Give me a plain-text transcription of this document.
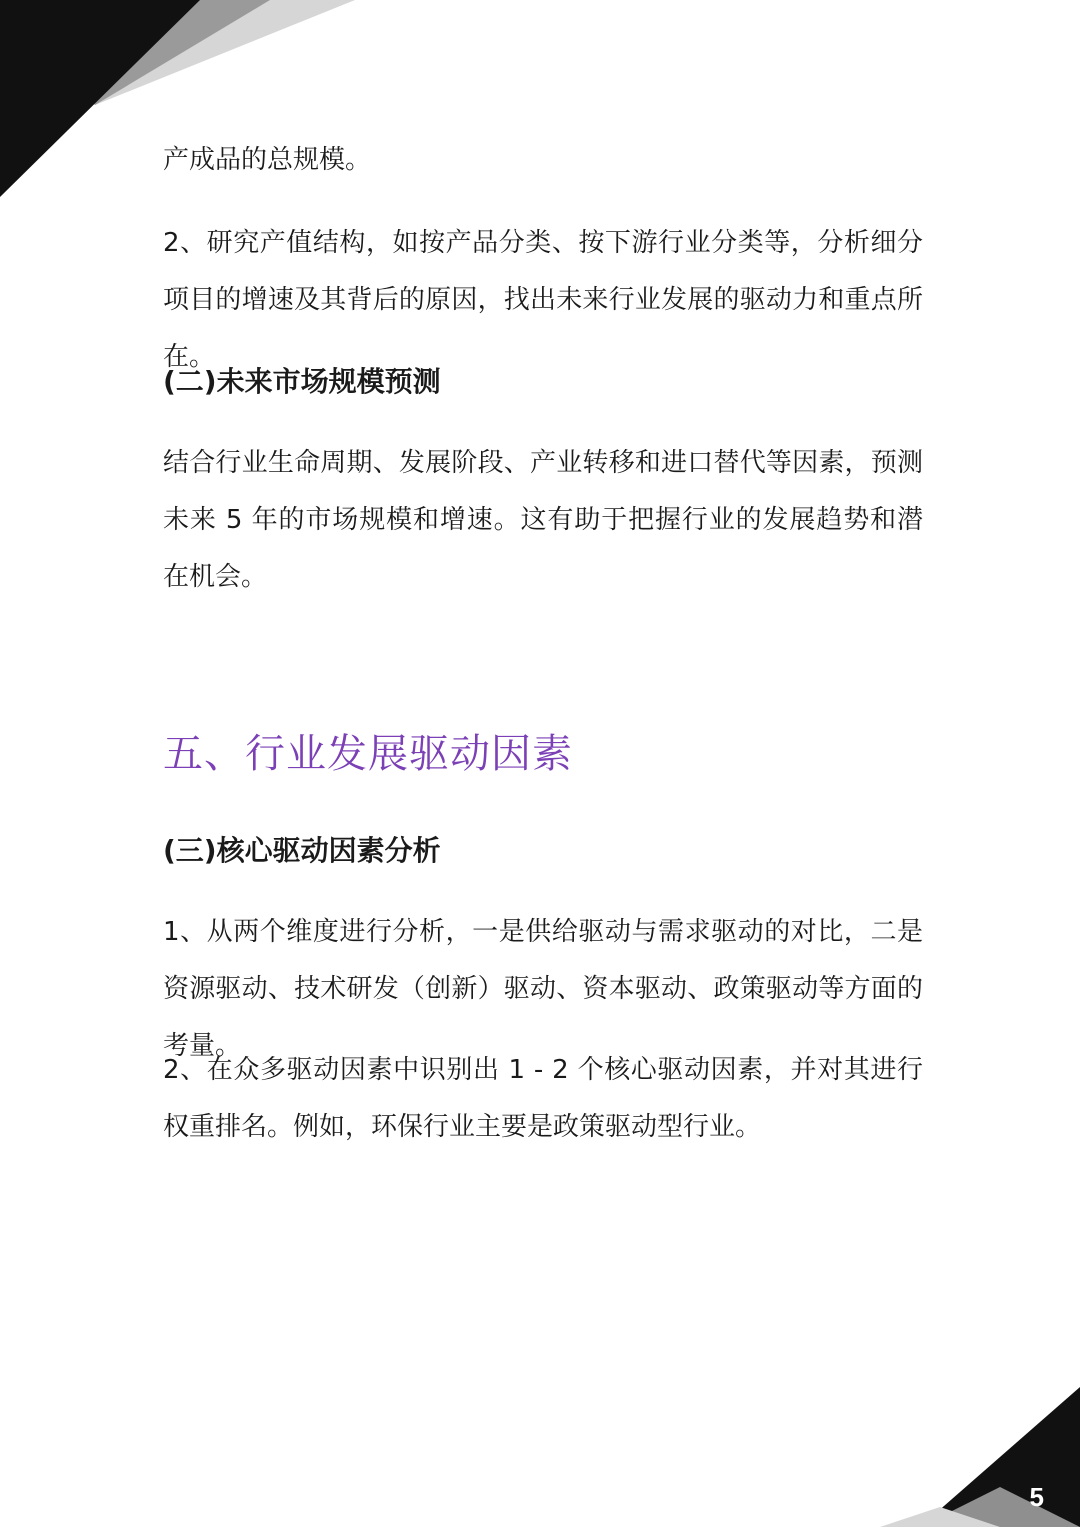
产成品的总规模。

2、研究产值结构，如按产品分类、按下游行业分类等，分析细分项目的增速及其背后的原因，找出未来行业发展的驱动力和重点所在。

(二)未来市场规模预测

结合行业生命周期、发展阶段、产业转移和进口替代等因素，预测未来 5 年的市场规模和增速。这有助于把握行业的发展趋势和潜在机会。

五、行业发展驱动因素
(三)核心驱动因素分析

1、从两个维度进行分析，一是供给驱动与需求驱动的对比，二是资源驱动、技术研发（创新）驱动、资本驱动、政策驱动等方面的考量。

2、在众多驱动因素中识别出 1 - 2 个核心驱动因素，并对其进行权重排名。例如，环保行业主要是政策驱动型行业。

5
